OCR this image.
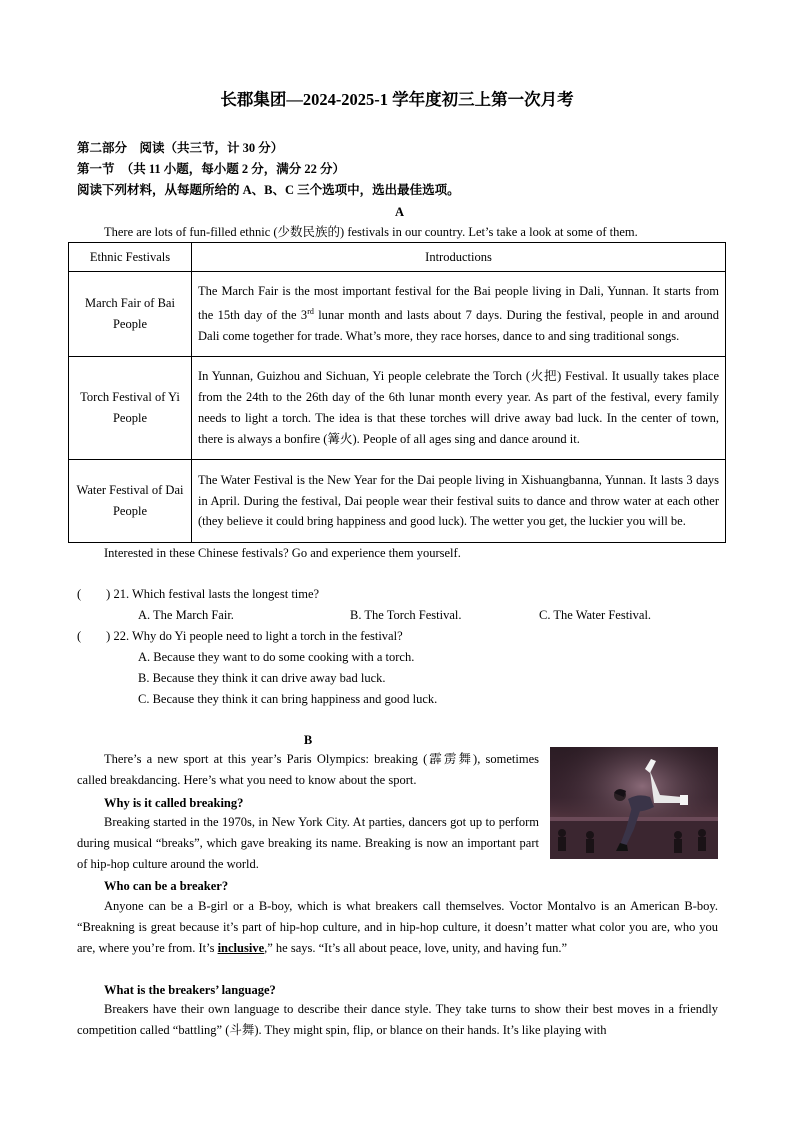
长郡集团—2024-2025-1 学年度初三上第一次月考
第二部分　阅读（共三节，计 30 分）
第一节　（共 11 小题，每小题 2 分，满分 22 分）
阅读下列材料，从每题所给的 A、B、C 三个选项中，选出最佳选项。
A
There are lots of fun-filled ethnic (少数民族的) festivals in our country. Let’s take a look at some of them.
Ethnic Festivals	Introductions
March Fair of Bai People	The March Fair is the most important festival for the Bai people living in Dali, Yunnan. It starts from the 15th day of the 3rd lunar month and lasts about 7 days. During the festival, people in and around Dali come together for trade. What’s more, they race horses, dance to and sing traditional songs.
Torch Festival of Yi People	In Yunnan, Guizhou and Sichuan, Yi people celebrate the Torch (火把) Festival. It usually takes place from the 24th to the 26th day of the 6th lunar month every year. As part of the festival, every family needs to light a torch. The idea is that these torches will drive away bad luck. In the center of town, there is always a bonfire (篝火). People of all ages sing and dance around it.
Water Festival of Dai People	The Water Festival is the New Year for the Dai people living in Xishuangbanna, Yunnan. It lasts 3 days in April. During the festival, Dai people wear their festival suits to dance and throw water at each other (they believe it could bring happiness and good luck). The wetter you get, the luckier you will be.
Interested in these Chinese festivals? Go and experience them yourself.
(　　) 21. Which festival lasts the longest time?
A. The March Fair.	B. The Torch Festival.	C. The Water Festival.
(　　) 22. Why do Yi people need to light a torch in the festival?
A. Because they want to do some cooking with a torch.
B. Because they think it can drive away bad luck.
C. Because they think it can bring happiness and good luck.
B
There’s a new sport at this year’s Paris Olympics: breaking (霹雳舞), sometimes called breakdancing. Here’s what you need to know about the sport.
Why is it called breaking?
Breaking started in the 1970s, in New York City. At parties, dancers got up to perform during musical “breaks”, which gave breaking its name. Breaking is now an important part of hip-hop culture around the world.
Who can be a breaker?
Anyone can be a B-girl or a B-boy, which is what breakers call themselves. Voctor Montalvo is an American B-boy. “Breakning is great because it’s part of hip-hop culture, and in hip-hop culture, it doesn’t matter what color you are, who you are, where you’re from. It’s inclusive,” he says. “It’s all about peace, love, unity, and having fun.”
What is the breakers’ language?
Breakers have their own language to describe their dance style. They take turns to show their best moves in a friendly competition called “battling” (斗舞). They might spin, flip, or blance on their hands. It’s like playing with
